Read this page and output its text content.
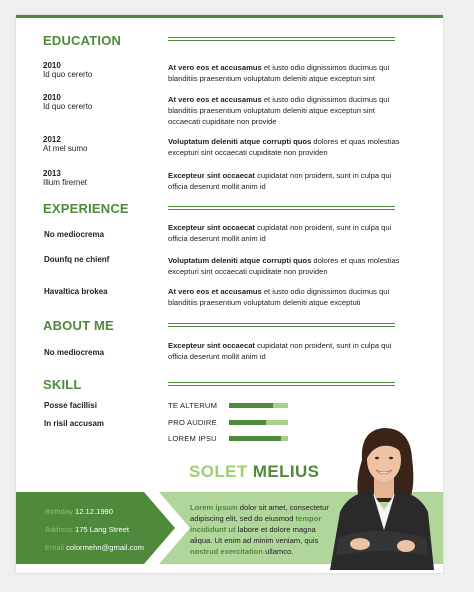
EDUCATION
2010
Id quo cererto
At vero eos et accusamus et iusto odio dignissimos ducimus qui blanditiis praesentium voluptatum deleniti atque excepturi sint
2010
Id quo cererto
At vero eos et accusamus et iusto odio dignissimos ducimus qui blanditiis praesentium voluptatum deleniti atque excepturi sint occaecati cupiditate non provide
2012
At mel sumo
Voluptatum deleniti atque corrupti quos dolores et quas molestias excepturi sint occaecati cupiditate non providen
2013
Illum firernet
Excepteur sint occaecat cupidatat non proident, sunt in culpa qui officia deserunt mollit anim id
EXPERIENCE
No mediocrema
Excepteur sint occaecat cupidatat non proident, sunt in culpa qui officia deserunt mollit anim id
Dounfq ne chienf	Voluptatum deleniti atque corrupti quos dolores et quas molestias excepturi sint occaecati cupiditate non providen
Havaltica brokea	At vero eos et accusamus et iusto odio dignissimos ducimus qui blanditiis praesentium voluptatum deleniti atque exceptuti
ABOUT ME
No mediocrema
Excepteur sint occaecat cupidatat non proident, sunt in culpa qui officia deserunt mollit anim id
SKILL
Posse facillisi
In risil accusam
TE ALTERUM
PRO AUDIRE
LOREM IPSU
SOLET MELIUS
Birthday 12.12.1990
Address 175 Lang Street
Email colormehn@gmail.com
Lorem ipsum dolor sit amet, consectetur adipiscing elit, sed do eiusmod tempor incididunt ut labore et dolore magna aliqua. Ut enim ad minim veniam, quis nostrud exercitation ullamco.
